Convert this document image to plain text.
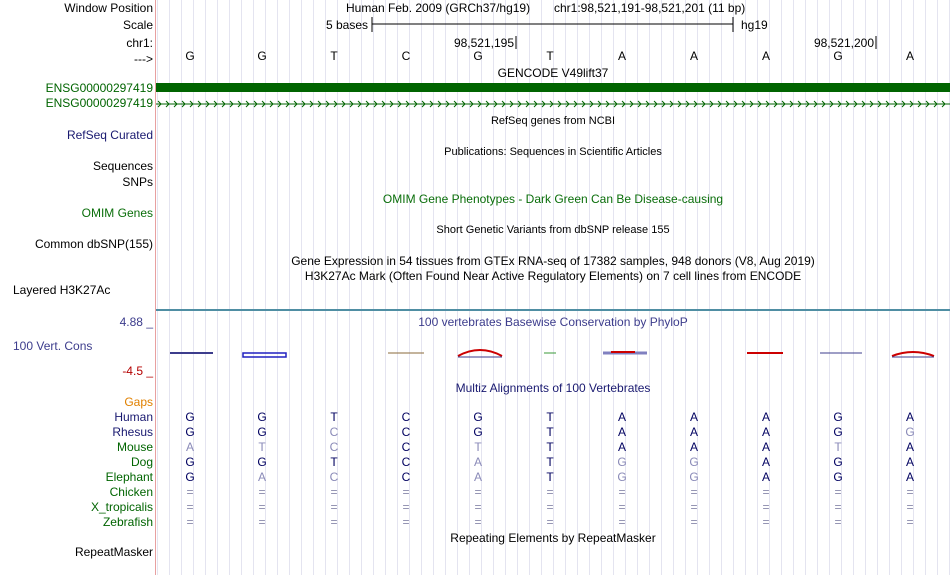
Window Position
Scale
chr1:
--->
Human Feb. 2009 (GRCh37/hg19) chr1:98,521,191-98,521,201 (11 bp)
5 bases	hg19
98,521,195	98,521,200
G	G	T	C	G	T	A	A	A	G	A
GENCODE V49lift37
ENSG00000297419
ENSG00000297419
RefSeq genes from NCBI
RefSeq Curated
Publications: Sequences in Scientific Articles
Sequences
SNPs
OMIM Gene Phenotypes - Dark Green Can Be Disease-causing
OMIM Genes
Short Genetic Variants from dbSNP release 155
Common dbSNP(155)
Gene Expression in 54 tissues from GTEx RNA-seq of 17382 samples, 948 donors (V8, Aug 2019)
H3K27Ac Mark (Often Found Near Active Regulatory Elements) on 7 cell lines from ENCODE
Layered H3K27Ac
4.88 _	100 vertebrates Basewise Conservation by PhyloP
100 Vert. Cons
-4.5 _
Multiz Alignments of 100 Vertebrates
Gaps
Human	G	G	T	C	G	T	A	A	A	G	A
Rhesus	G	G	C	C	G	T	A	A	A	G	G
Mouse	A	T	C	C	T	T	A	A	A	T	A
Dog	G	G	T	C	A	T	G	G	A	G	A
Elephant	G	A	C	C	A	T	G	G	A	G	A
Chicken	=	=	=	=	=	=	=	=	=	=	=
X_tropicalis	=	=	=	=	=	=	=	=	=	=	=
Zebrafish	=	=	=	=	=	=	=	=	=	=	=
RepeatMasker
Repeating Elements by RepeatMasker
